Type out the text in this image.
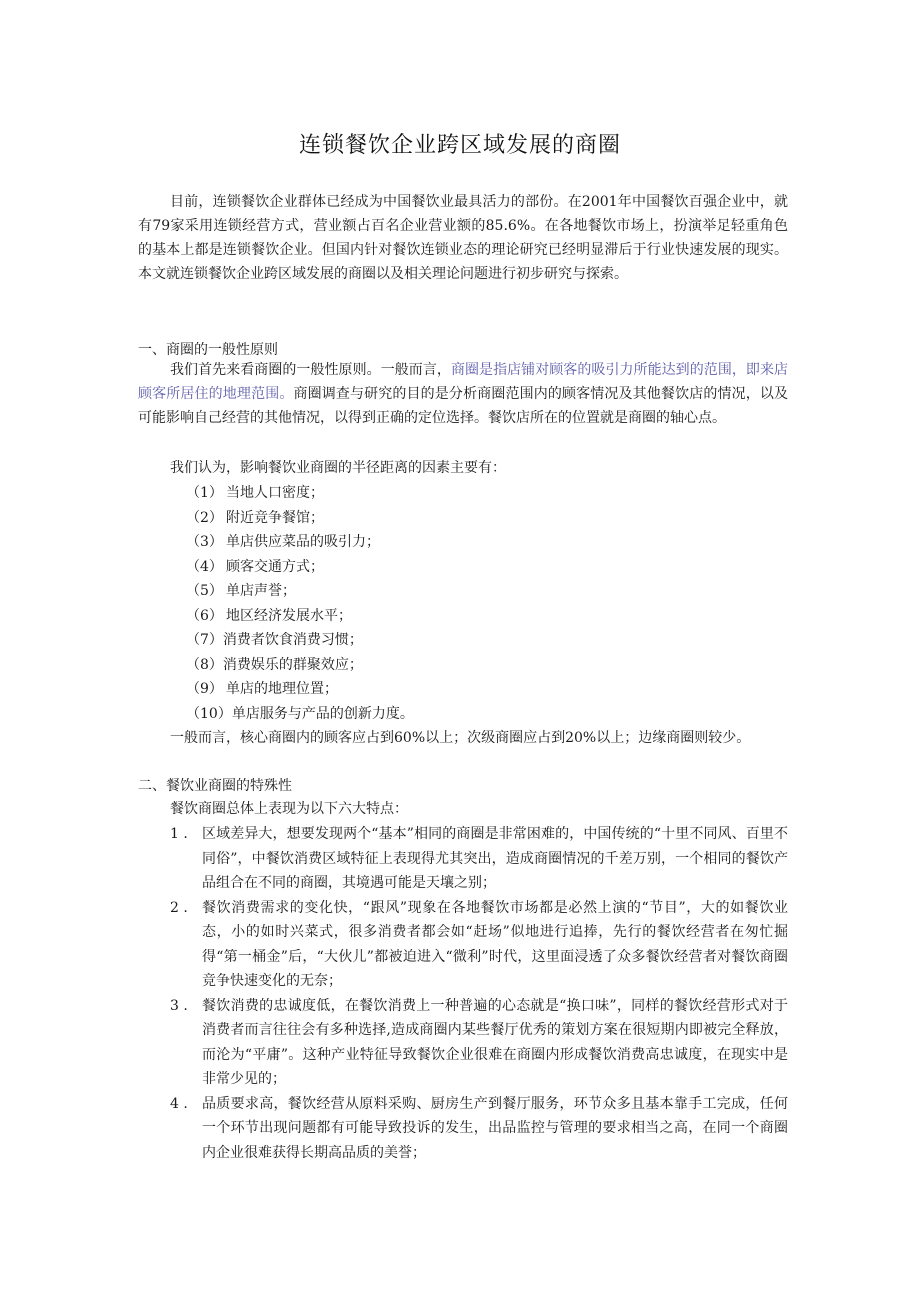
连锁餐饮企业跨区域发展的商圈

目前，连锁餐饮企业群体已经成为中国餐饮业最具活力的部份。在2001年中国餐饮百强企业中，就有79家采用连锁经营方式，营业额占百名企业营业额的85.6%。在各地餐饮市场上，扮演举足轻重角色的基本上都是连锁餐饮企业。但国内针对餐饮连锁业态的理论研究已经明显滞后于行业快速发展的现实。本文就连锁餐饮企业跨区域发展的商圈以及相关理论问题进行初步研究与探索。

一、商圈的一般性原则

我们首先来看商圈的一般性原则。一般而言，商圈是指店铺对顾客的吸引力所能达到的范围，即来店顾客所居住的地理范围。商圈调查与研究的目的是分析商圈范围内的顾客情况及其他餐饮店的情况，以及可能影响自己经营的其他情况，以得到正确的定位选择。餐饮店所在的位置就是商圈的轴心点。

我们认为，影响餐饮业商圈的半径距离的因素主要有：

（1） 当地人口密度；
（2） 附近竞争餐馆；
（3） 单店供应菜品的吸引力；
（4） 顾客交通方式；
（5） 单店声誉；
（6） 地区经济发展水平；
（7）消费者饮食消费习惯；
（8）消费娱乐的群聚效应；
（9） 单店的地理位置；
（10）单店服务与产品的创新力度。

一般而言，核心商圈内的顾客应占到60%以上；次级商圈应占到20%以上；边缘商圈则较少。

二、餐饮业商圈的特殊性

餐饮商圈总体上表现为以下六大特点：

1 . 区域差异大，想要发现两个“基本”相同的商圈是非常困难的，中国传统的“十里不同风、百里不同俗”，中餐饮消费区域特征上表现得尤其突出，造成商圈情况的千差万别，一个相同的餐饮产品组合在不同的商圈，其境遇可能是天壤之别；
2 . 餐饮消费需求的变化快，“跟风”现象在各地餐饮市场都是必然上演的“节目”，大的如餐饮业态，小的如时兴菜式，很多消费者都会如“赶场”似地进行追捧，先行的餐饮经营者在匆忙掘得“第一桶金”后，“大伙儿”都被迫进入“微利”时代，这里面浸透了众多餐饮经营者对餐饮商圈竞争快速变化的无奈；
3 . 餐饮消费的忠诚度低，在餐饮消费上一种普遍的心态就是“换口味”，同样的餐饮经营形式对于消费者而言往往会有多种选择,造成商圈内某些餐厅优秀的策划方案在很短期内即被完全释放，而沦为“平庸”。这种产业特征导致餐饮企业很难在商圈内形成餐饮消费高忠诚度，在现实中是非常少见的；
4 . 品质要求高，餐饮经营从原料采购、厨房生产到餐厅服务，环节众多且基本靠手工完成，任何一个环节出现问题都有可能导致投诉的发生，出品监控与管理的要求相当之高，在同一个商圈内企业很难获得长期高品质的美誉；
